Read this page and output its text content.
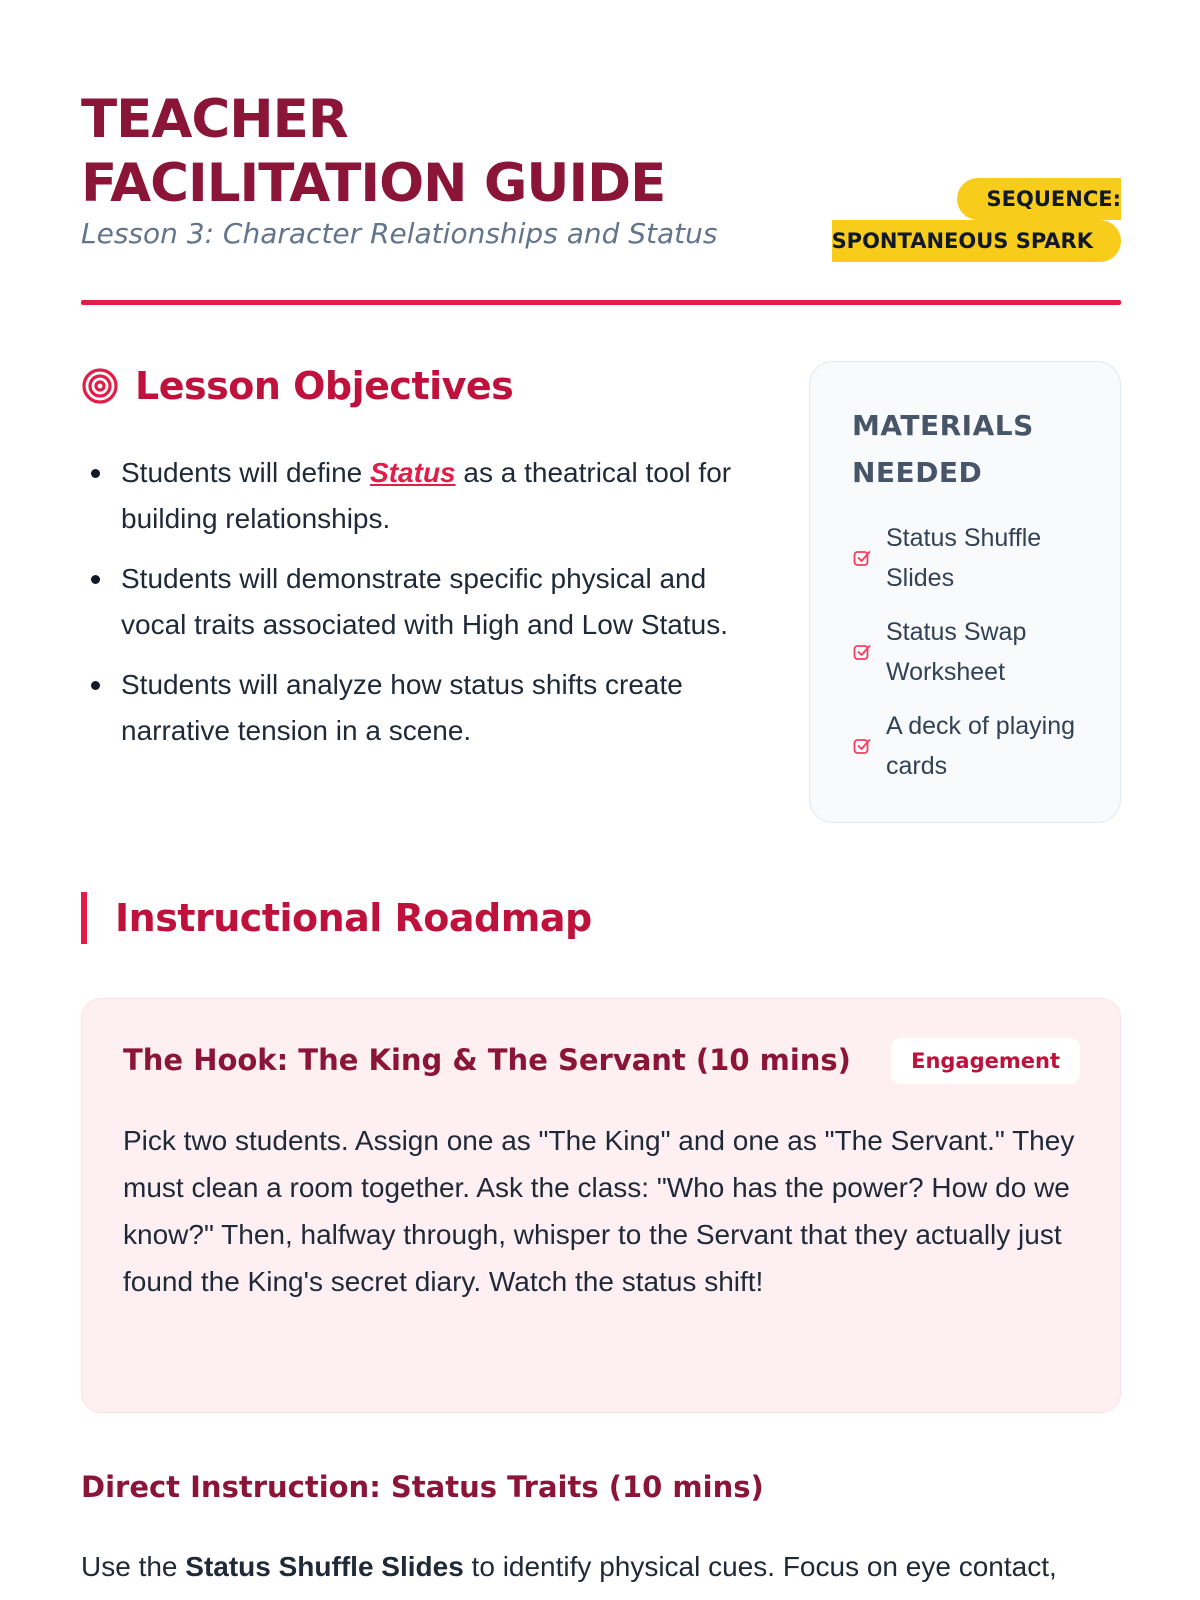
TEACHER
FACILITATION GUIDE
Lesson 3: Character Relationships and Status
SEQUENCE:
SPONTANEOUS SPARK
Lesson Objectives
Students will define Status as a theatrical tool for building relationships.
Students will demonstrate specific physical and vocal traits associated with High and Low Status.
Students will analyze how status shifts create narrative tension in a scene.
MATERIALS NEEDED
Status Shuffle Slides
Status Swap Worksheet
A deck of playing cards
Instructional Roadmap
The Hook: The King & The Servant (10 mins)	Engagement

Pick two students. Assign one as "The King" and one as "The Servant." They must clean a room together. Ask the class: "Who has the power? How do we know?" Then, halfway through, whisper to the Servant that they actually just found the King's secret diary. Watch the status shift!

Direct Instruction: Status Traits (10 mins)

Use the Status Shuffle Slides to identify physical cues. Focus on eye contact,
